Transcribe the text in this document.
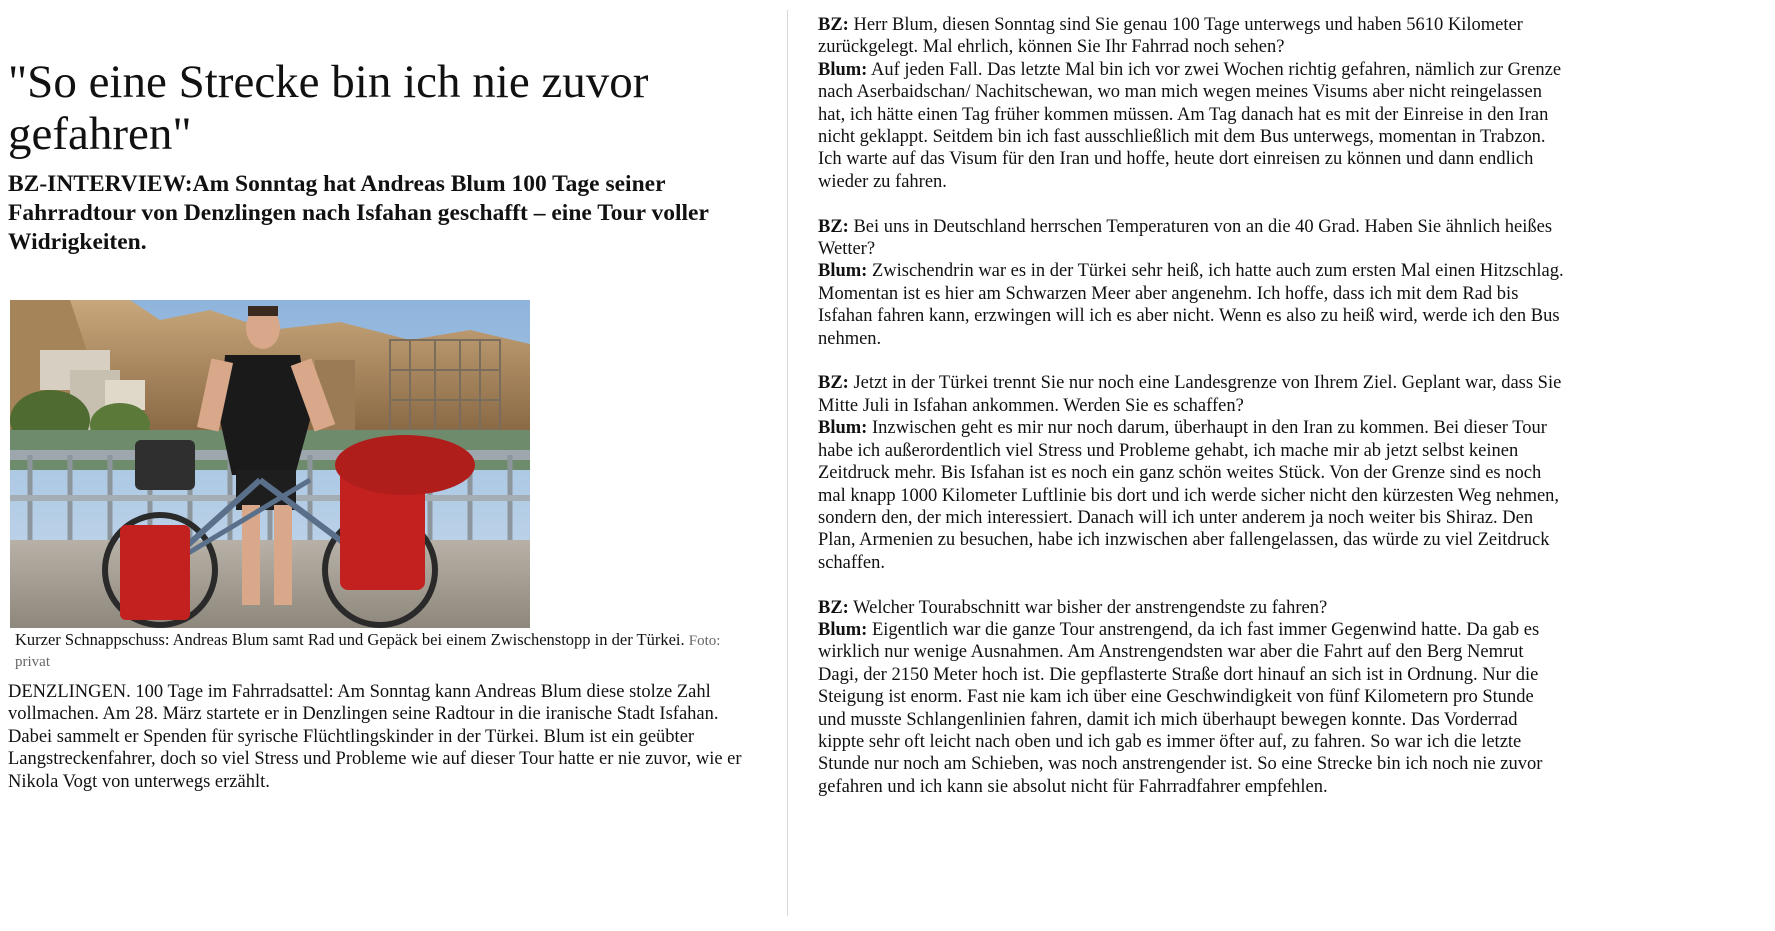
"So eine Strecke bin ich nie zuvor gefahren"
BZ-INTERVIEW:Am Sonntag hat Andreas Blum 100 Tage seiner Fahrradtour von Denzlingen nach Isfahan geschafft – eine Tour voller Widrigkeiten.
Kurzer Schnappschuss: Andreas Blum samt Rad und Gepäck bei einem Zwischenstopp in der Türkei. Foto: privat
DENZLINGEN. 100 Tage im Fahrradsattel: Am Sonntag kann Andreas Blum diese stolze Zahl vollmachen. Am 28. März startete er in Denzlingen seine Radtour in die iranische Stadt Isfahan. Dabei sammelt er Spenden für syrische Flüchtlingskinder in der Türkei. Blum ist ein geübter Langstreckenfahrer, doch so viel Stress und Probleme wie auf dieser Tour hatte er nie zuvor, wie er Nikola Vogt von unterwegs erzählt.

BZ: Herr Blum, diesen Sonntag sind Sie genau 100 Tage unterwegs und haben 5610 Kilometer zurückgelegt. Mal ehrlich, können Sie Ihr Fahrrad noch sehen?

Blum: Auf jeden Fall. Das letzte Mal bin ich vor zwei Wochen richtig gefahren, nämlich zur Grenze nach Aserbaidschan/ Nachitschewan, wo man mich wegen meines Visums aber nicht reingelassen hat, ich hätte einen Tag früher kommen müssen. Am Tag danach hat es mit der Einreise in den Iran nicht geklappt. Seitdem bin ich fast ausschließlich mit dem Bus unterwegs, momentan in Trabzon. Ich warte auf das Visum für den Iran und hoffe, heute dort einreisen zu können und dann endlich wieder zu fahren.

BZ: Bei uns in Deutschland herrschen Temperaturen von an die 40 Grad. Haben Sie ähnlich heißes Wetter?

Blum: Zwischendrin war es in der Türkei sehr heiß, ich hatte auch zum ersten Mal einen Hitzschlag. Momentan ist es hier am Schwarzen Meer aber angenehm. Ich hoffe, dass ich mit dem Rad bis Isfahan fahren kann, erzwingen will ich es aber nicht. Wenn es also zu heiß wird, werde ich den Bus nehmen.

BZ: Jetzt in der Türkei trennt Sie nur noch eine Landesgrenze von Ihrem Ziel. Geplant war, dass Sie Mitte Juli in Isfahan ankommen. Werden Sie es schaffen?

Blum: Inzwischen geht es mir nur noch darum, überhaupt in den Iran zu kommen. Bei dieser Tour habe ich außerordentlich viel Stress und Probleme gehabt, ich mache mir ab jetzt selbst keinen Zeitdruck mehr. Bis Isfahan ist es noch ein ganz schön weites Stück. Von der Grenze sind es noch mal knapp 1000 Kilometer Luftlinie bis dort und ich werde sicher nicht den kürzesten Weg nehmen, sondern den, der mich interessiert. Danach will ich unter anderem ja noch weiter bis Shiraz. Den Plan, Armenien zu besuchen, habe ich inzwischen aber fallengelassen, das würde zu viel Zeitdruck schaffen.

BZ: Welcher Tourabschnitt war bisher der anstrengendste zu fahren?

Blum: Eigentlich war die ganze Tour anstrengend, da ich fast immer Gegenwind hatte. Da gab es wirklich nur wenige Ausnahmen. Am Anstrengendsten war aber die Fahrt auf den Berg Nemrut Dagi, der 2150 Meter hoch ist. Die gepflasterte Straße dort hinauf an sich ist in Ordnung. Nur die Steigung ist enorm. Fast nie kam ich über eine Geschwindigkeit von fünf Kilometern pro Stunde und musste Schlangenlinien fahren, damit ich mich überhaupt bewegen konnte. Das Vorderrad kippte sehr oft leicht nach oben und ich gab es immer öfter auf, zu fahren. So war ich die letzte Stunde nur noch am Schieben, was noch anstrengender ist. So eine Strecke bin ich noch nie zuvor gefahren und ich kann sie absolut nicht für Fahrradfahrer empfehlen.
